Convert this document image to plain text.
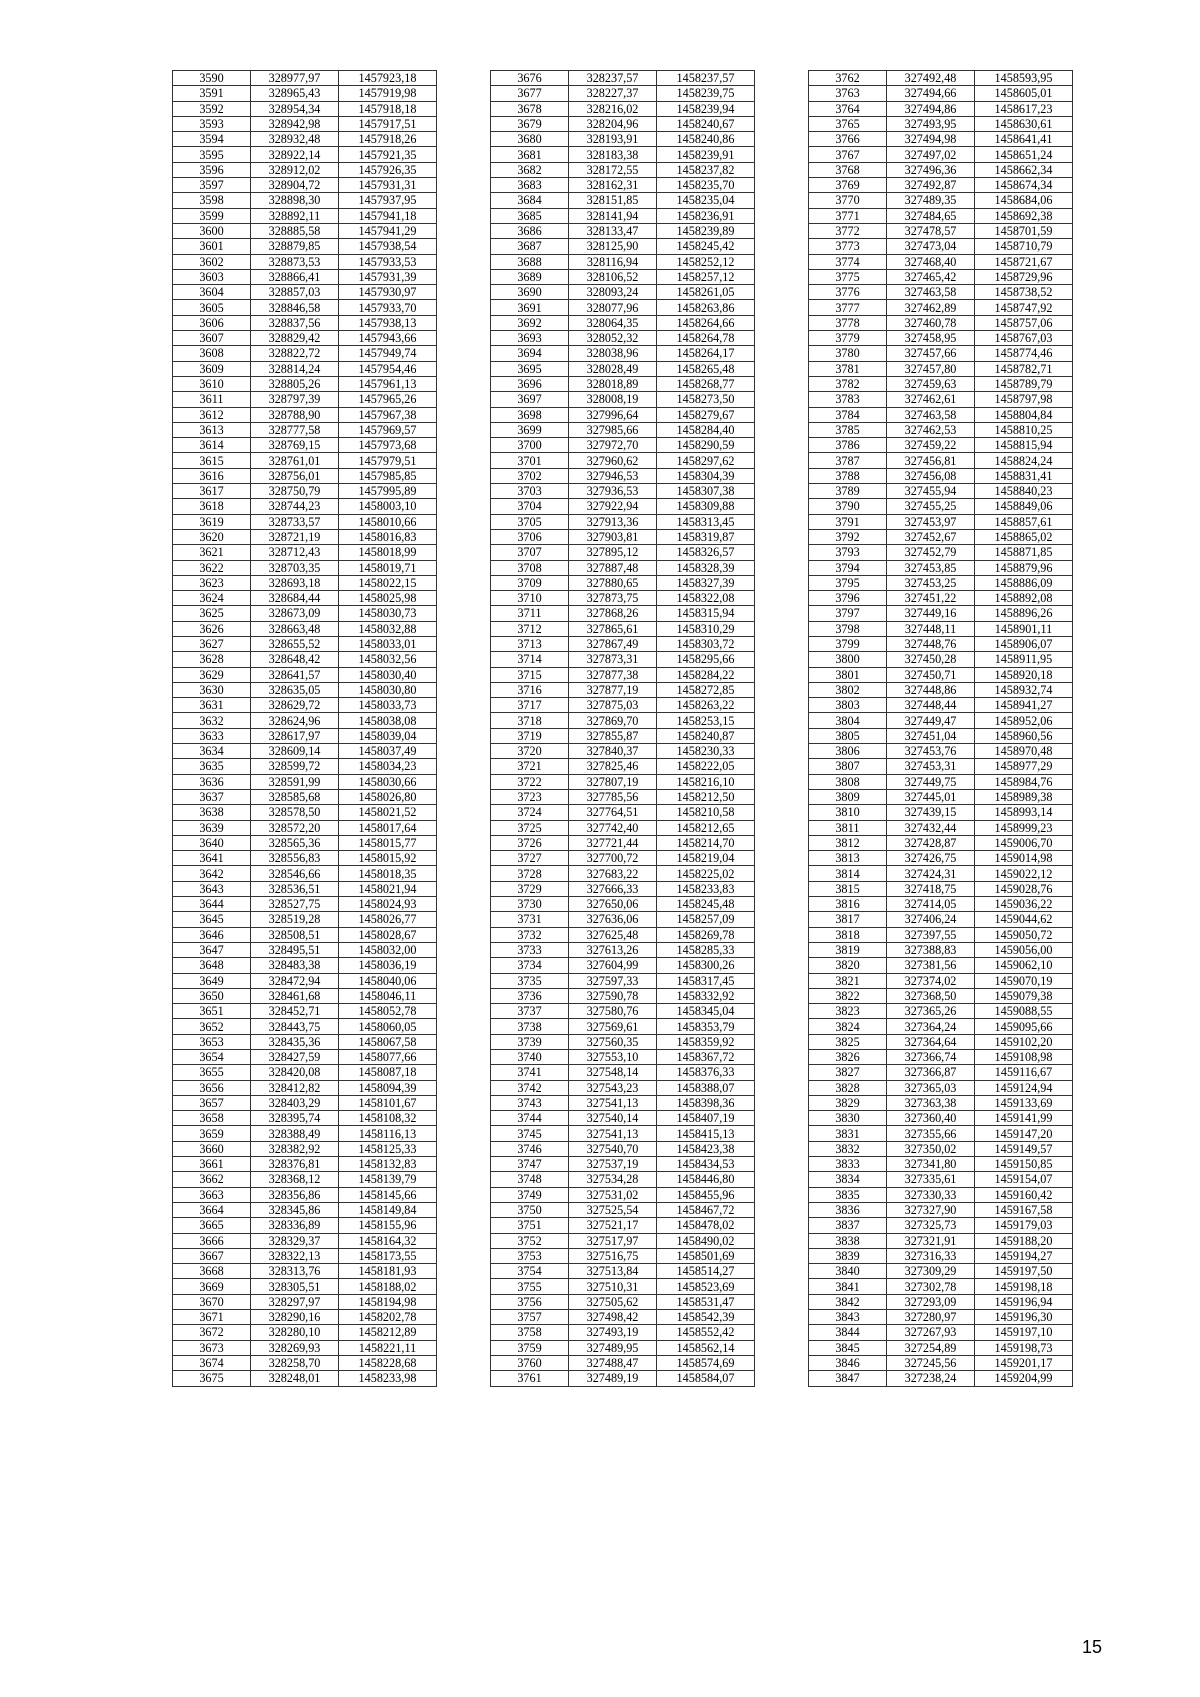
3590	328977,97	1457923,18
3591	328965,43	1457919,98
3592	328954,34	1457918,18
3593	328942,98	1457917,51
3594	328932,48	1457918,26
3595	328922,14	1457921,35
3596	328912,02	1457926,35
3597	328904,72	1457931,31
3598	328898,30	1457937,95
3599	328892,11	1457941,18
3600	328885,58	1457941,29
3601	328879,85	1457938,54
3602	328873,53	1457933,53
3603	328866,41	1457931,39
3604	328857,03	1457930,97
3605	328846,58	1457933,70
3606	328837,56	1457938,13
3607	328829,42	1457943,66
3608	328822,72	1457949,74
3609	328814,24	1457954,46
3610	328805,26	1457961,13
3611	328797,39	1457965,26
3612	328788,90	1457967,38
3613	328777,58	1457969,57
3614	328769,15	1457973,68
3615	328761,01	1457979,51
3616	328756,01	1457985,85
3617	328750,79	1457995,89
3618	328744,23	1458003,10
3619	328733,57	1458010,66
3620	328721,19	1458016,83
3621	328712,43	1458018,99
3622	328703,35	1458019,71
3623	328693,18	1458022,15
3624	328684,44	1458025,98
3625	328673,09	1458030,73
3626	328663,48	1458032,88
3627	328655,52	1458033,01
3628	328648,42	1458032,56
3629	328641,57	1458030,40
3630	328635,05	1458030,80
3631	328629,72	1458033,73
3632	328624,96	1458038,08
3633	328617,97	1458039,04
3634	328609,14	1458037,49
3635	328599,72	1458034,23
3636	328591,99	1458030,66
3637	328585,68	1458026,80
3638	328578,50	1458021,52
3639	328572,20	1458017,64
3640	328565,36	1458015,77
3641	328556,83	1458015,92
3642	328546,66	1458018,35
3643	328536,51	1458021,94
3644	328527,75	1458024,93
3645	328519,28	1458026,77
3646	328508,51	1458028,67
3647	328495,51	1458032,00
3648	328483,38	1458036,19
3649	328472,94	1458040,06
3650	328461,68	1458046,11
3651	328452,71	1458052,78
3652	328443,75	1458060,05
3653	328435,36	1458067,58
3654	328427,59	1458077,66
3655	328420,08	1458087,18
3656	328412,82	1458094,39
3657	328403,29	1458101,67
3658	328395,74	1458108,32
3659	328388,49	1458116,13
3660	328382,92	1458125,33
3661	328376,81	1458132,83
3662	328368,12	1458139,79
3663	328356,86	1458145,66
3664	328345,86	1458149,84
3665	328336,89	1458155,96
3666	328329,37	1458164,32
3667	328322,13	1458173,55
3668	328313,76	1458181,93
3669	328305,51	1458188,02
3670	328297,97	1458194,98
3671	328290,16	1458202,78
3672	328280,10	1458212,89
3673	328269,93	1458221,11
3674	328258,70	1458228,68
3675	328248,01	1458233,98
3676	328237,57	1458237,57
3677	328227,37	1458239,75
3678	328216,02	1458239,94
3679	328204,96	1458240,67
3680	328193,91	1458240,86
3681	328183,38	1458239,91
3682	328172,55	1458237,82
3683	328162,31	1458235,70
3684	328151,85	1458235,04
3685	328141,94	1458236,91
3686	328133,47	1458239,89
3687	328125,90	1458245,42
3688	328116,94	1458252,12
3689	328106,52	1458257,12
3690	328093,24	1458261,05
3691	328077,96	1458263,86
3692	328064,35	1458264,66
3693	328052,32	1458264,78
3694	328038,96	1458264,17
3695	328028,49	1458265,48
3696	328018,89	1458268,77
3697	328008,19	1458273,50
3698	327996,64	1458279,67
3699	327985,66	1458284,40
3700	327972,70	1458290,59
3701	327960,62	1458297,62
3702	327946,53	1458304,39
3703	327936,53	1458307,38
3704	327922,94	1458309,88
3705	327913,36	1458313,45
3706	327903,81	1458319,87
3707	327895,12	1458326,57
3708	327887,48	1458328,39
3709	327880,65	1458327,39
3710	327873,75	1458322,08
3711	327868,26	1458315,94
3712	327865,61	1458310,29
3713	327867,49	1458303,72
3714	327873,31	1458295,66
3715	327877,38	1458284,22
3716	327877,19	1458272,85
3717	327875,03	1458263,22
3718	327869,70	1458253,15
3719	327855,87	1458240,87
3720	327840,37	1458230,33
3721	327825,46	1458222,05
3722	327807,19	1458216,10
3723	327785,56	1458212,50
3724	327764,51	1458210,58
3725	327742,40	1458212,65
3726	327721,44	1458214,70
3727	327700,72	1458219,04
3728	327683,22	1458225,02
3729	327666,33	1458233,83
3730	327650,06	1458245,48
3731	327636,06	1458257,09
3732	327625,48	1458269,78
3733	327613,26	1458285,33
3734	327604,99	1458300,26
3735	327597,33	1458317,45
3736	327590,78	1458332,92
3737	327580,76	1458345,04
3738	327569,61	1458353,79
3739	327560,35	1458359,92
3740	327553,10	1458367,72
3741	327548,14	1458376,33
3742	327543,23	1458388,07
3743	327541,13	1458398,36
3744	327540,14	1458407,19
3745	327541,13	1458415,13
3746	327540,70	1458423,38
3747	327537,19	1458434,53
3748	327534,28	1458446,80
3749	327531,02	1458455,96
3750	327525,54	1458467,72
3751	327521,17	1458478,02
3752	327517,97	1458490,02
3753	327516,75	1458501,69
3754	327513,84	1458514,27
3755	327510,31	1458523,69
3756	327505,62	1458531,47
3757	327498,42	1458542,39
3758	327493,19	1458552,42
3759	327489,95	1458562,14
3760	327488,47	1458574,69
3761	327489,19	1458584,07
3762	327492,48	1458593,95
3763	327494,66	1458605,01
3764	327494,86	1458617,23
3765	327493,95	1458630,61
3766	327494,98	1458641,41
3767	327497,02	1458651,24
3768	327496,36	1458662,34
3769	327492,87	1458674,34
3770	327489,35	1458684,06
3771	327484,65	1458692,38
3772	327478,57	1458701,59
3773	327473,04	1458710,79
3774	327468,40	1458721,67
3775	327465,42	1458729,96
3776	327463,58	1458738,52
3777	327462,89	1458747,92
3778	327460,78	1458757,06
3779	327458,95	1458767,03
3780	327457,66	1458774,46
3781	327457,80	1458782,71
3782	327459,63	1458789,79
3783	327462,61	1458797,98
3784	327463,58	1458804,84
3785	327462,53	1458810,25
3786	327459,22	1458815,94
3787	327456,81	1458824,24
3788	327456,08	1458831,41
3789	327455,94	1458840,23
3790	327455,25	1458849,06
3791	327453,97	1458857,61
3792	327452,67	1458865,02
3793	327452,79	1458871,85
3794	327453,85	1458879,96
3795	327453,25	1458886,09
3796	327451,22	1458892,08
3797	327449,16	1458896,26
3798	327448,11	1458901,11
3799	327448,76	1458906,07
3800	327450,28	1458911,95
3801	327450,71	1458920,18
3802	327448,86	1458932,74
3803	327448,44	1458941,27
3804	327449,47	1458952,06
3805	327451,04	1458960,56
3806	327453,76	1458970,48
3807	327453,31	1458977,29
3808	327449,75	1458984,76
3809	327445,01	1458989,38
3810	327439,15	1458993,14
3811	327432,44	1458999,23
3812	327428,87	1459006,70
3813	327426,75	1459014,98
3814	327424,31	1459022,12
3815	327418,75	1459028,76
3816	327414,05	1459036,22
3817	327406,24	1459044,62
3818	327397,55	1459050,72
3819	327388,83	1459056,00
3820	327381,56	1459062,10
3821	327374,02	1459070,19
3822	327368,50	1459079,38
3823	327365,26	1459088,55
3824	327364,24	1459095,66
3825	327364,64	1459102,20
3826	327366,74	1459108,98
3827	327366,87	1459116,67
3828	327365,03	1459124,94
3829	327363,38	1459133,69
3830	327360,40	1459141,99
3831	327355,66	1459147,20
3832	327350,02	1459149,57
3833	327341,80	1459150,85
3834	327335,61	1459154,07
3835	327330,33	1459160,42
3836	327327,90	1459167,58
3837	327325,73	1459179,03
3838	327321,91	1459188,20
3839	327316,33	1459194,27
3840	327309,29	1459197,50
3841	327302,78	1459198,18
3842	327293,09	1459196,94
3843	327280,97	1459196,30
3844	327267,93	1459197,10
3845	327254,89	1459198,73
3846	327245,56	1459201,17
3847	327238,24	1459204,99
15
